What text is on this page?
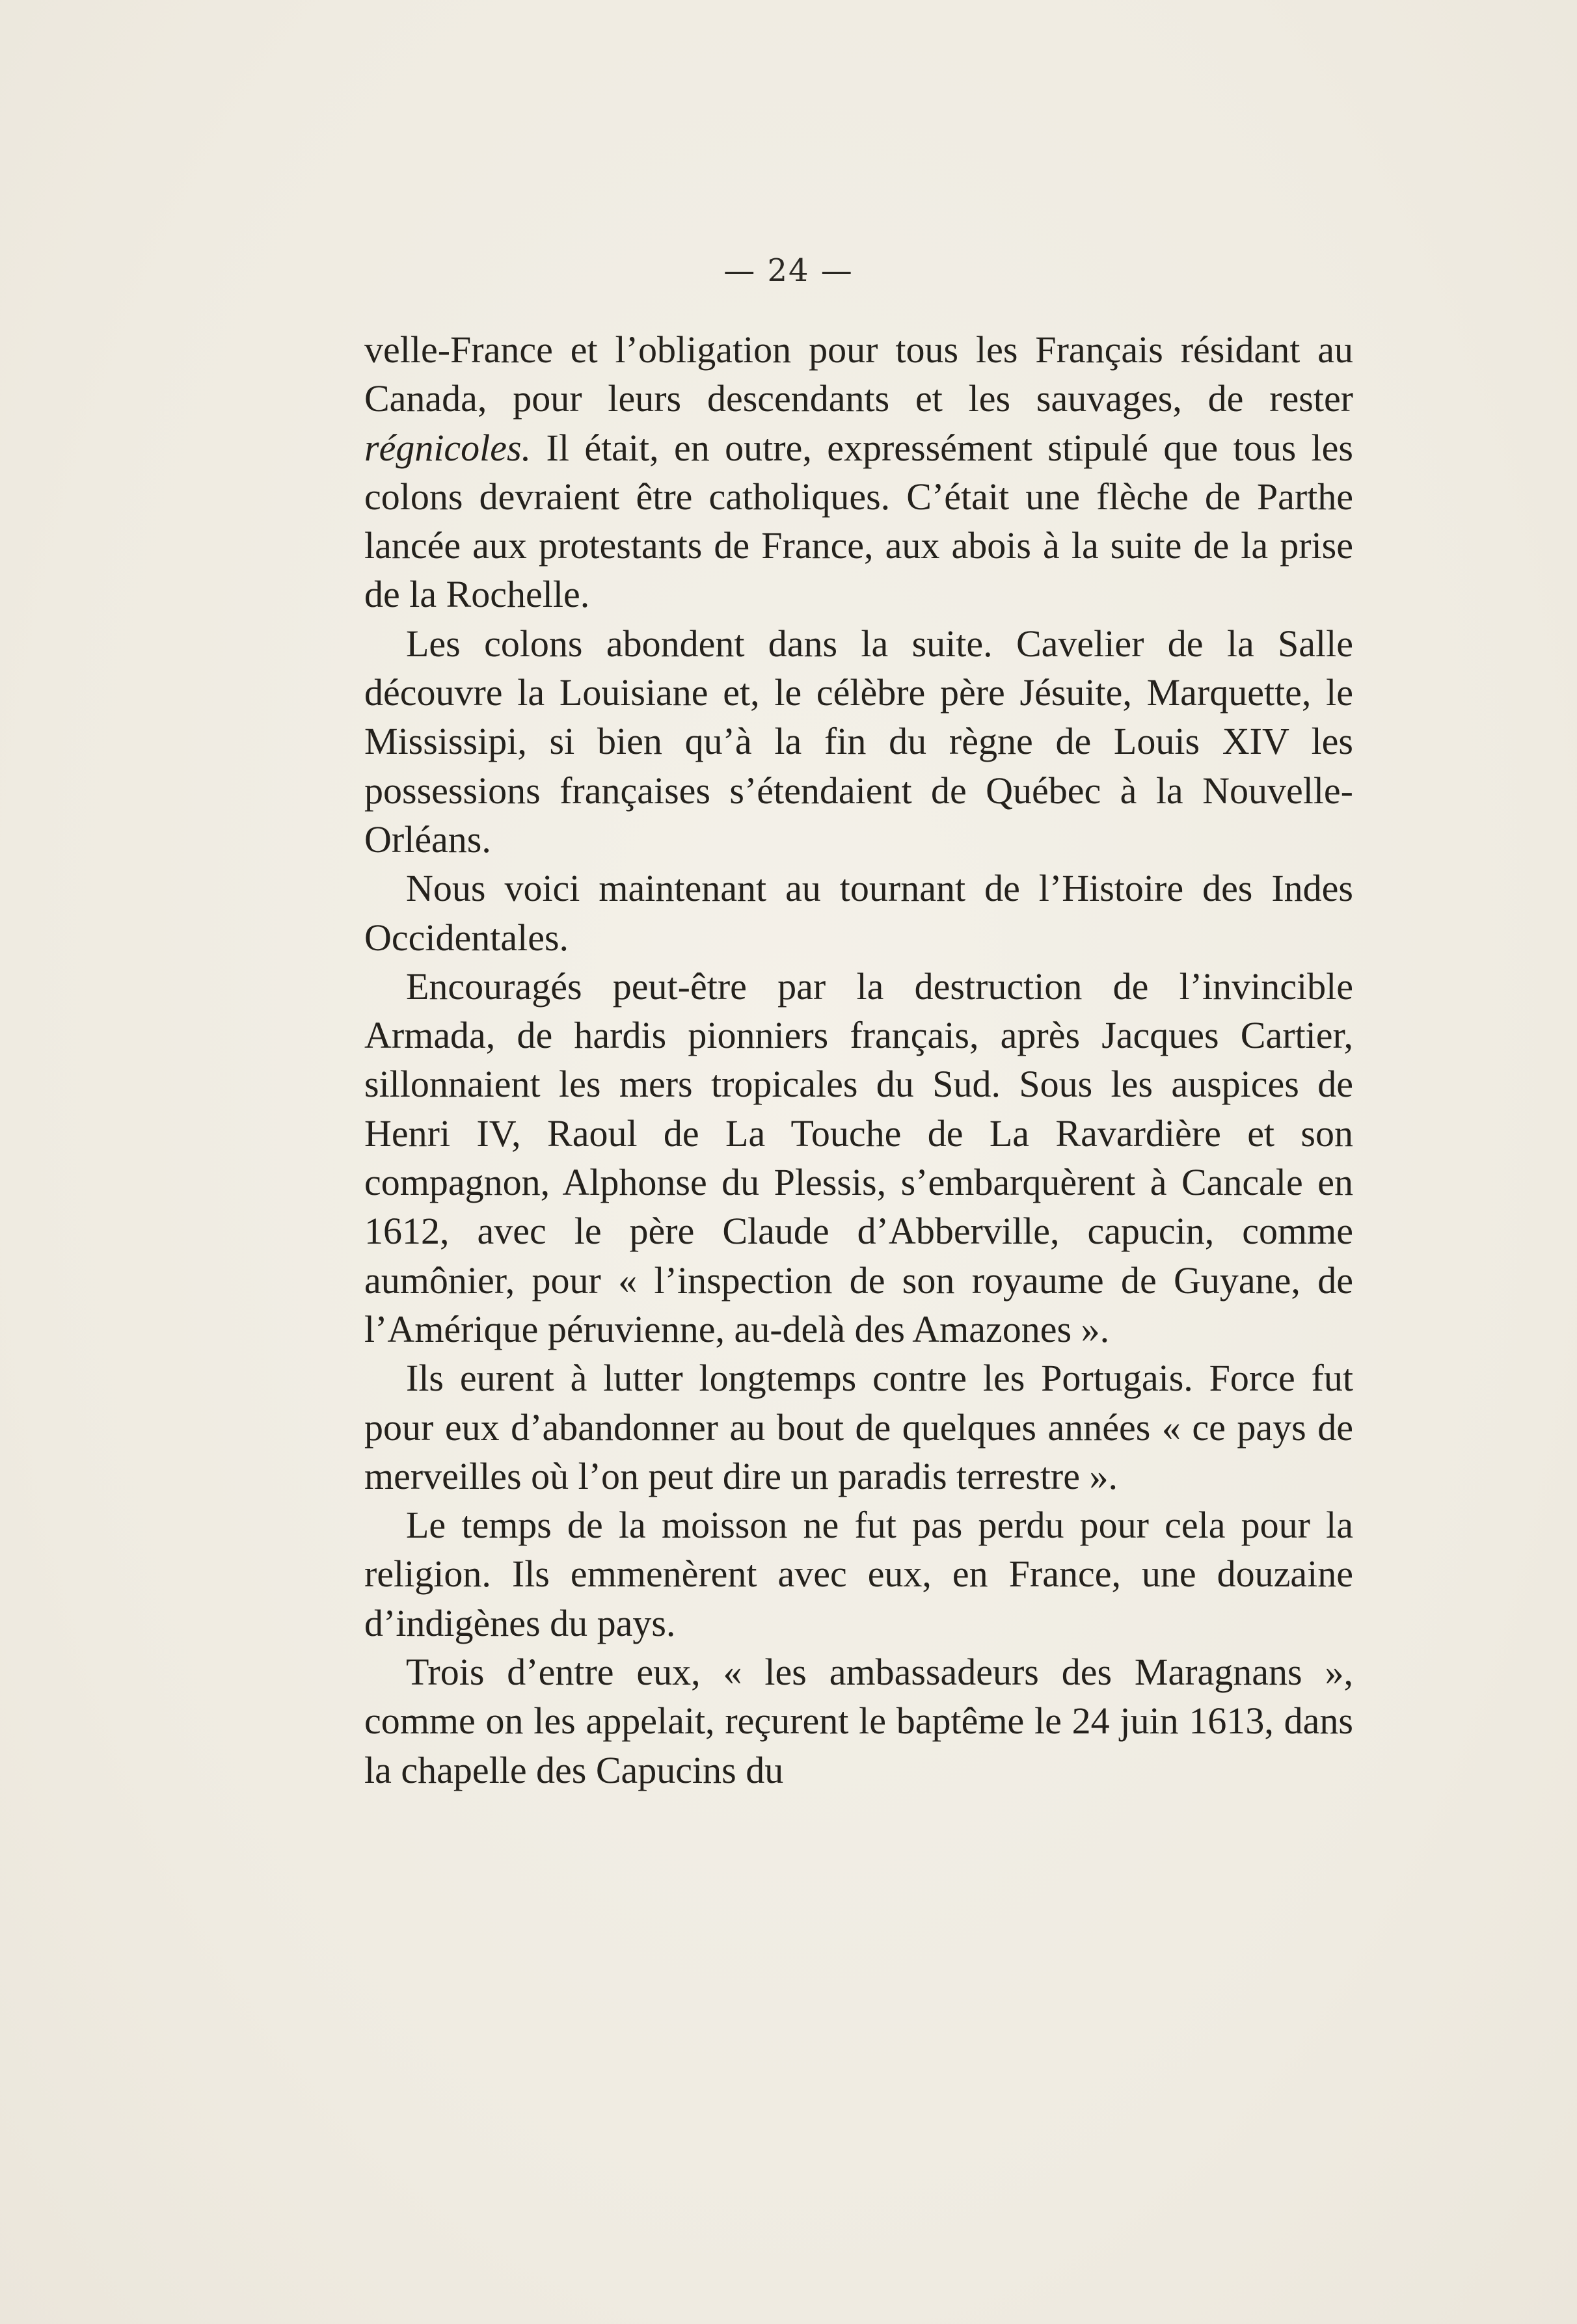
— 24 —

velle-France et l’obligation pour tous les Français résidant au Canada, pour leurs descendants et les sauvages, de rester régnicoles. Il était, en outre, expressément stipulé que tous les colons devraient être catholiques. C’était une flèche de Parthe lancée aux protestants de France, aux abois à la suite de la prise de la Rochelle.

Les colons abondent dans la suite. Cavelier de la Salle découvre la Louisiane et, le célèbre père Jésuite, Marquette, le Mississipi, si bien qu’à la fin du règne de Louis XIV les possessions françaises s’étendaient de Québec à la Nouvelle-Orléans.

Nous voici maintenant au tournant de l’Histoire des Indes Occidentales.

Encouragés peut-être par la destruction de l’invincible Armada, de hardis pionniers français, après Jacques Cartier, sillonnaient les mers tropicales du Sud. Sous les auspices de Henri IV, Raoul de La Touche de La Ravardière et son compagnon, Alphonse du Plessis, s’embarquèrent à Cancale en 1612, avec le père Claude d’Abberville, capucin, comme aumônier, pour « l’inspection de son royaume de Guyane, de l’Amérique péruvienne, au-delà des Amazones ».

Ils eurent à lutter longtemps contre les Portugais. Force fut pour eux d’abandonner au bout de quelques années « ce pays de merveilles où l’on peut dire un paradis terrestre ».

Le temps de la moisson ne fut pas perdu pour cela pour la religion. Ils emmenèrent avec eux, en France, une douzaine d’indigènes du pays.

Trois d’entre eux, « les ambassadeurs des Maragnans », comme on les appelait, reçurent le baptême le 24 juin 1613, dans la chapelle des Capucins du
